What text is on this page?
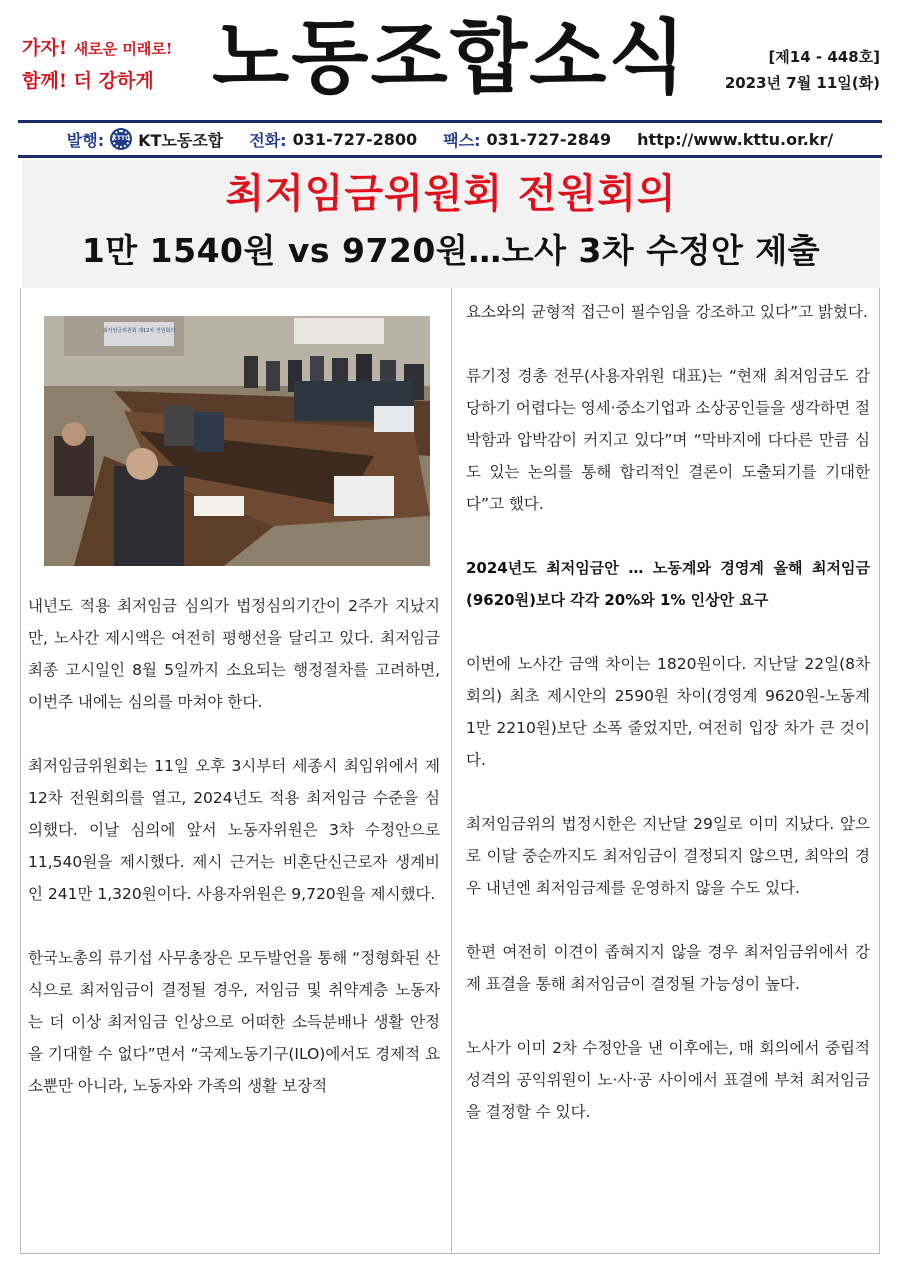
가자! 새로운 미래로!
함께! 더 강하게 노동조합소식	[제14 - 448호]
2023년 7월 11일(화)
발행:	KTTU KT노동조합 전화: 031-727-2800 팩스: 031-727-2849 http://www.kttu.or.kr/
최저임금위원회 전원회의
1만 1540원 vs 9720원…노사 3차 수정안 제출
최저임금위원회 제12차 전원회의

내년도 적용 최저임금 심의가 법정심의기간이 2주가 지났지만, 노사간 제시액은 여전히 평행선을 달리고 있다. 최저임금 최종 고시일인 8월 5일까지 소요되는 행정절차를 고려하면, 이번주 내에는 심의를 마쳐야 한다.

최저임금위원회는 11일 오후 3시부터 세종시 최임위에서 제12차 전원회의를 열고, 2024년도 적용 최저임금 수준을 심의했다. 이날 심의에 앞서 노동자위원은 3차 수정안으로 11,540원을 제시했다. 제시 근거는 비혼단신근로자 생계비인 241만 1,320원이다. 사용자위원은 9,720원을 제시했다.

한국노총의 류기섭 사무총장은 모두발언을 통해 “정형화된 산식으로 최저임금이 결정될 경우, 저임금 및 취약계층 노동자는 더 이상 최저임금 인상으로 어떠한 소득분배나 생활 안정을 기대할 수 없다”면서 “국제노동기구(ILO)에서도 경제적 요소뿐만 아니라, 노동자와 가족의 생활 보장적

요소와의 균형적 접근이 필수임을 강조하고 있다”고 밝혔다.

류기정 경총 전무(사용자위원 대표)는 “현재 최저임금도 감당하기 어렵다는 영세·중소기업과 소상공인들을 생각하면 절박함과 압박감이 커지고 있다”며 “막바지에 다다른 만큼 심도 있는 논의를 통해 합리적인 결론이 도출되기를 기대한다”고 했다.

2024년도 최저임금안 … 노동계와 경영계 올해 최저임금(9620원)보다 각각 20%와 1% 인상안 요구

이번에 노사간 금액 차이는 1820원이다. 지난달 22일(8차 회의) 최초 제시안의 2590원 차이(경영계 9620원-노동계 1만 2210원)보단 소폭 줄었지만, 여전히 입장 차가 큰 것이다.

최저임금위의 법정시한은 지난달 29일로 이미 지났다. 앞으로 이달 중순까지도 최저임금이 결정되지 않으면, 최악의 경우 내년엔 최저임금제를 운영하지 않을 수도 있다.

한편 여전히 이견이 좁혀지지 않을 경우 최저임금위에서 강제 표결을 통해 최저임금이 결정될 가능성이 높다.

노사가 이미 2차 수정안을 낸 이후에는, 매 회의에서 중립적 성격의 공익위원이 노·사·공 사이에서 표결에 부쳐 최저임금을 결정할 수 있다.
